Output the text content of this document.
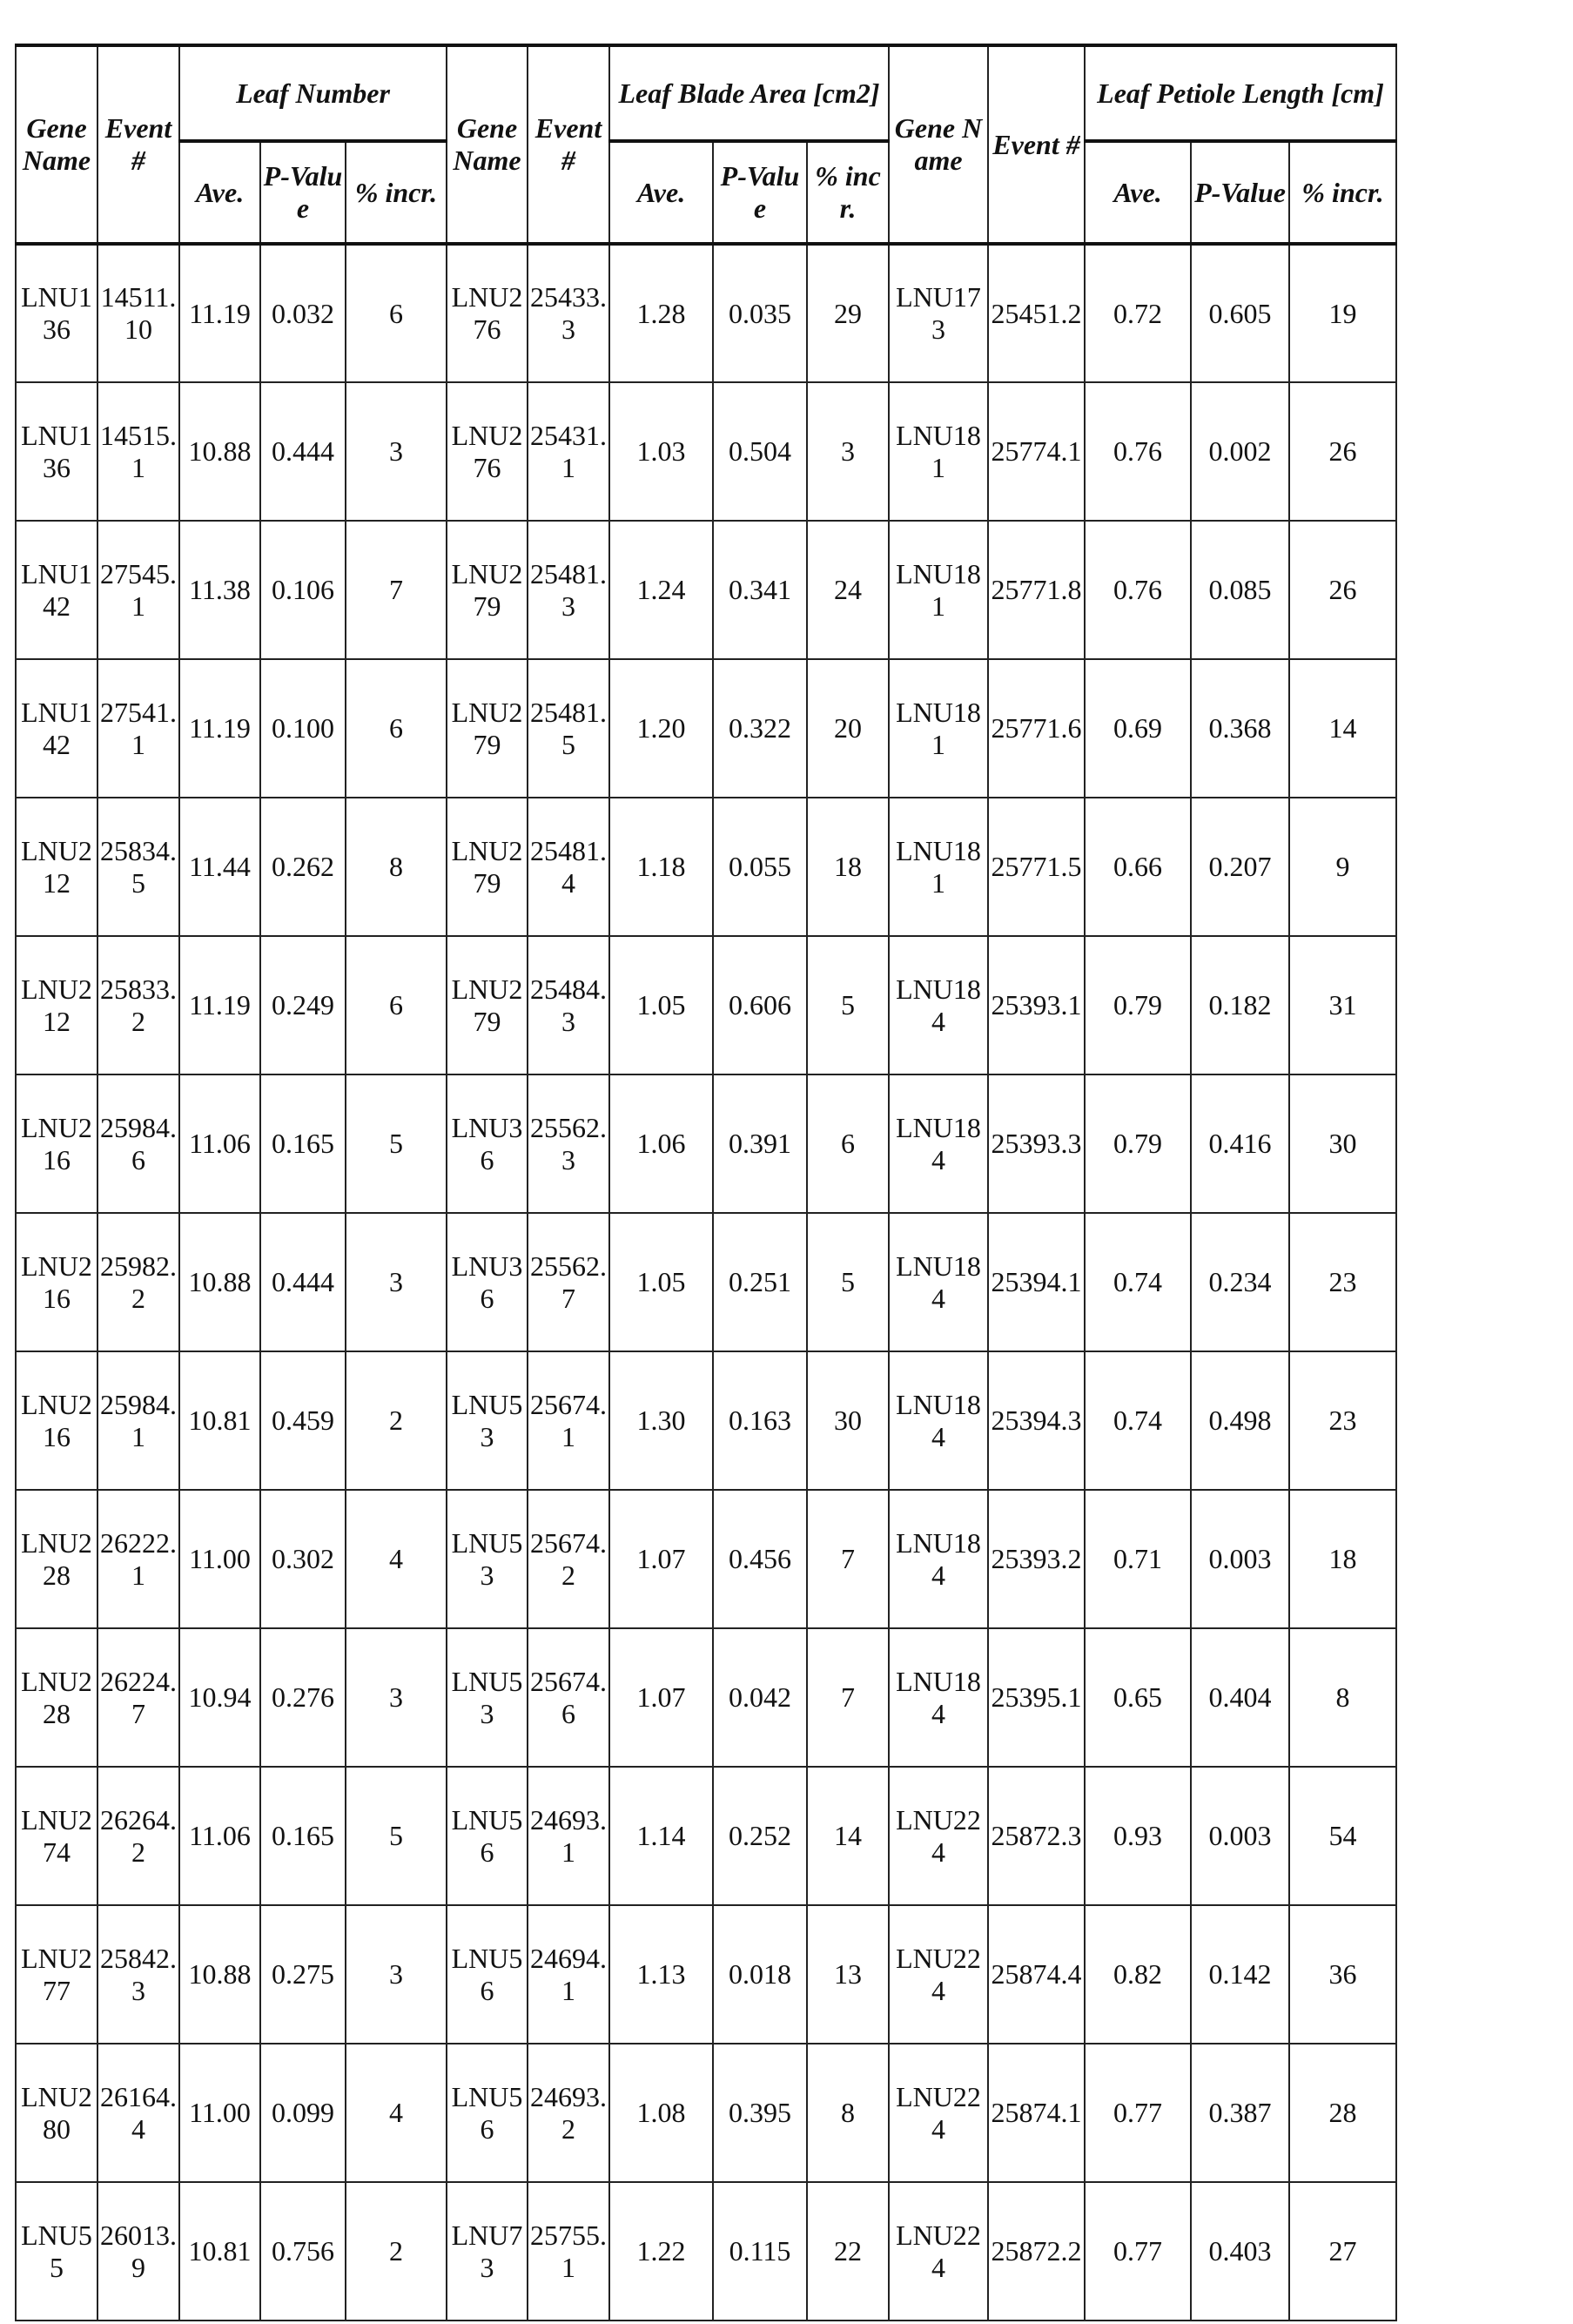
Gene Name	Event #	Leaf Number	Gene Name	Event #	Leaf Blade Area [cm2]	Gene Name	Event #	Leaf Petiole Length [cm]
Ave.	P-Value	% incr.	Ave.	P-Value	% incr.	Ave.	P-Value	% incr.
LNU136	14511.10	11.19	0.032	6	LNU276	25433.3	1.28	0.035	29	LNU173	25451.2	0.72	0.605	19
LNU136	14515.1	10.88	0.444	3	LNU276	25431.1	1.03	0.504	3	LNU181	25774.1	0.76	0.002	26
LNU142	27545.1	11.38	0.106	7	LNU279	25481.3	1.24	0.341	24	LNU181	25771.8	0.76	0.085	26
LNU142	27541.1	11.19	0.100	6	LNU279	25481.5	1.20	0.322	20	LNU181	25771.6	0.69	0.368	14
LNU212	25834.5	11.44	0.262	8	LNU279	25481.4	1.18	0.055	18	LNU181	25771.5	0.66	0.207	9
LNU212	25833.2	11.19	0.249	6	LNU279	25484.3	1.05	0.606	5	LNU184	25393.1	0.79	0.182	31
LNU216	25984.6	11.06	0.165	5	LNU36	25562.3	1.06	0.391	6	LNU184	25393.3	0.79	0.416	30
LNU216	25982.2	10.88	0.444	3	LNU36	25562.7	1.05	0.251	5	LNU184	25394.1	0.74	0.234	23
LNU216	25984.1	10.81	0.459	2	LNU53	25674.1	1.30	0.163	30	LNU184	25394.3	0.74	0.498	23
LNU228	26222.1	11.00	0.302	4	LNU53	25674.2	1.07	0.456	7	LNU184	25393.2	0.71	0.003	18
LNU228	26224.7	10.94	0.276	3	LNU53	25674.6	1.07	0.042	7	LNU184	25395.1	0.65	0.404	8
LNU274	26264.2	11.06	0.165	5	LNU56	24693.1	1.14	0.252	14	LNU224	25872.3	0.93	0.003	54
LNU277	25842.3	10.88	0.275	3	LNU56	24694.1	1.13	0.018	13	LNU224	25874.4	0.82	0.142	36
LNU280	26164.4	11.00	0.099	4	LNU56	24693.2	1.08	0.395	8	LNU224	25874.1	0.77	0.387	28
LNU55	26013.9	10.81	0.756	2	LNU73	25755.1	1.22	0.115	22	LNU224	25872.2	0.77	0.403	27
